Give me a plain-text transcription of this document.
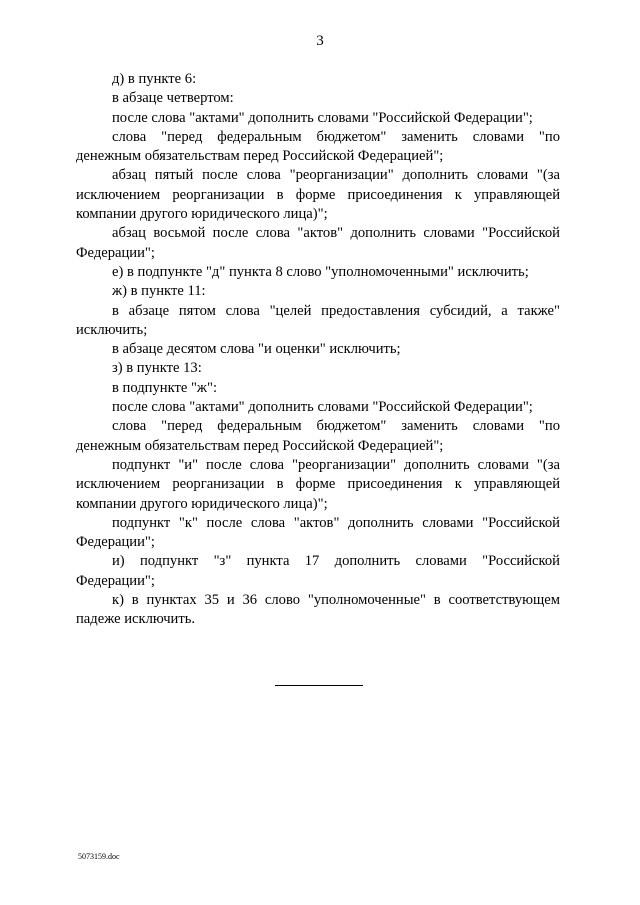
3

д) в пункте 6:

в абзаце четвертом:

после слова "актами" дополнить словами "Российской Федерации";

слова "перед федеральным бюджетом" заменить словами "по денежным обязательствам перед Российской Федерацией";

абзац пятый после слова "реорганизации" дополнить словами "(за исключением реорганизации в форме присоединения к управляющей компании другого юридического лица)";

абзац восьмой после слова "актов" дополнить словами "Российской Федерации";

е) в подпункте "д" пункта 8 слово "уполномоченными" исключить;

ж) в пункте 11:

в абзаце пятом слова "целей предоставления субсидий, а также" исключить;

в абзаце десятом слова "и оценки" исключить;

з) в пункте 13:

в подпункте "ж":

после слова "актами" дополнить словами "Российской Федерации";

слова "перед федеральным бюджетом" заменить словами "по денежным обязательствам перед Российской Федерацией";

подпункт "и" после слова "реорганизации" дополнить словами "(за исключением реорганизации в форме присоединения к управляющей компании другого юридического лица)";

подпункт "к" после слова "актов" дополнить словами "Российской Федерации";

и) подпункт "з" пункта 17 дополнить словами "Российской Федерации";

к) в пунктах 35 и 36 слово "уполномоченные" в соответствующем падеже исключить.

5073159.doc
